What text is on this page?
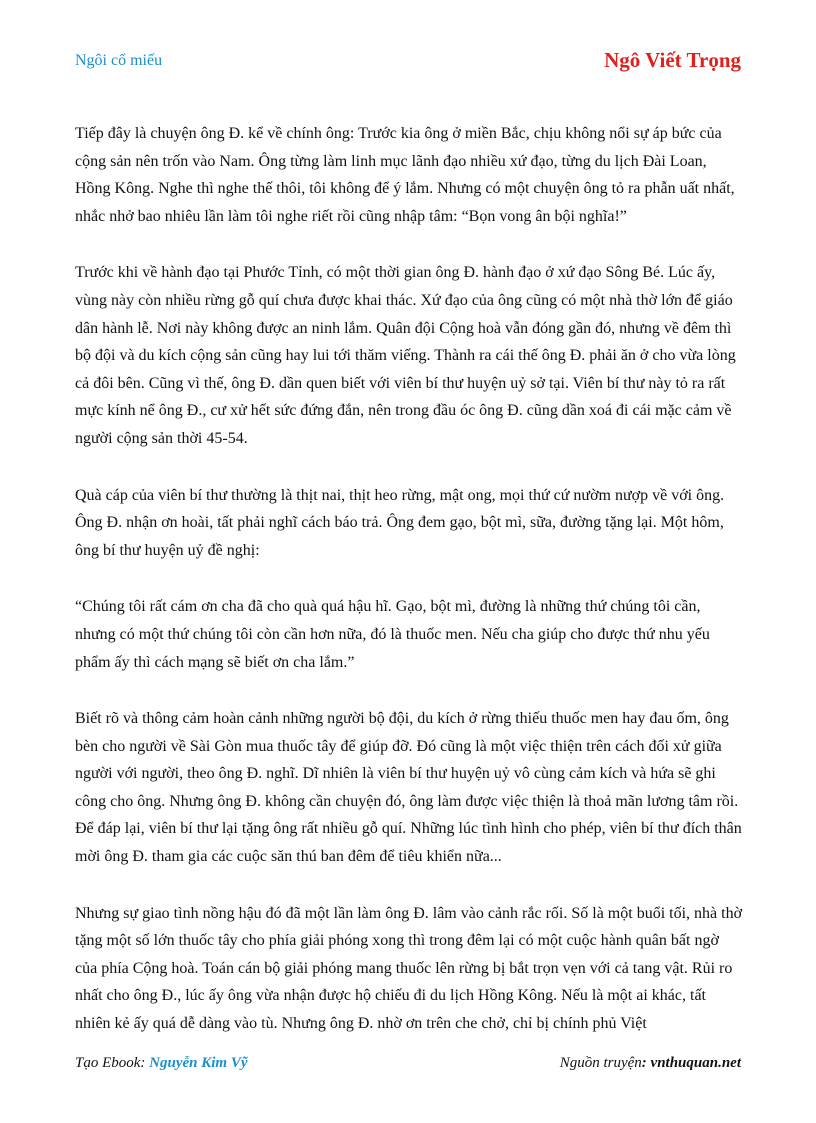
Ngôi cổ miếu	Ngô Viết Trọng

Tiếp đây là chuyện ông Đ. kể về chính ông: Trước kia ông ở miền Bắc, chịu không nổi sự áp bức của cộng sản nên trốn vào Nam. Ông từng làm linh mục lãnh đạo nhiều xứ đạo, từng du lịch Đài Loan, Hồng Kông. Nghe thì nghe thế thôi, tôi không để ý lắm. Nhưng có một chuyện ông tỏ ra phẫn uất nhất, nhắc nhở bao nhiêu lần làm tôi nghe riết rồi cũng nhập tâm: “Bọn vong ân bội nghĩa!”

Trước khi về hành đạo tại Phước Tỉnh, có một thời gian ông Đ. hành đạo ở xứ đạo Sông Bé. Lúc ấy, vùng này còn nhiều rừng gỗ quí chưa được khai thác. Xứ đạo của ông cũng có một nhà thờ lớn để giáo dân hành lễ. Nơi này không được an ninh lắm. Quân đội Cộng hoà vẫn đóng gần đó, nhưng về đêm thì bộ đội và du kích cộng sản cũng hay lui tới thăm viếng. Thành ra cái thế ông Đ. phải ăn ở cho vừa lòng cả đôi bên. Cũng vì thế, ông Đ. dần quen biết với viên bí thư huyện uỷ sở tại. Viên bí thư này tỏ ra rất mực kính nể ông Đ., cư xử hết sức đứng đắn, nên trong đầu óc ông Đ. cũng dần xoá đi cái mặc cảm về người cộng sản thời 45-54.

Quà cáp của viên bí thư thường là thịt nai, thịt heo rừng, mật ong, mọi thứ cứ nườm nượp về với ông. Ông Đ. nhận ơn hoài, tất phải nghĩ cách báo trả. Ông đem gạo, bột mì, sữa, đường tặng lại. Một hôm, ông bí thư huyện uỷ đề nghị:

“Chúng tôi rất cám ơn cha đã cho quà quá hậu hĩ. Gạo, bột mì, đường là những thứ chúng tôi cần, nhưng có một thứ chúng tôi còn cần hơn nữa, đó là thuốc men. Nếu cha giúp cho được thứ nhu yếu phẩm ấy thì cách mạng sẽ biết ơn cha lắm.”

Biết rõ và thông cảm hoàn cảnh những người bộ đội, du kích ở rừng thiếu thuốc men hay đau ốm, ông bèn cho người về Sài Gòn mua thuốc tây để giúp đỡ. Đó cũng là một việc thiện trên cách đối xử giữa người với người, theo ông Đ. nghĩ. Dĩ nhiên là viên bí thư huyện uỷ vô cùng cảm kích và hứa sẽ ghi công cho ông. Nhưng ông Đ. không cần chuyện đó, ông làm được việc thiện là thoả mãn lương tâm rồi. Để đáp lại, viên bí thư lại tặng ông rất nhiều gỗ quí. Những lúc tình hình cho phép, viên bí thư đích thân mời ông Đ. tham gia các cuộc săn thú ban đêm để tiêu khiển nữa...

Nhưng sự giao tình nồng hậu đó đã một lần làm ông Đ. lâm vào cảnh rắc rối. Số là một buổi tối, nhà thờ tặng một số lớn thuốc tây cho phía giải phóng xong thì trong đêm lại có một cuộc hành quân bất ngờ của phía Cộng hoà. Toán cán bộ giải phóng mang thuốc lên rừng bị bắt trọn vẹn với cả tang vật. Rủi ro nhất cho ông Đ., lúc ấy ông vừa nhận được hộ chiếu đi du lịch Hồng Kông. Nếu là một ai khác, tất nhiên kẻ ấy quá dễ dàng vào tù. Nhưng ông Đ. nhờ ơn trên che chở, chỉ bị chính phủ Việt

Tạo Ebook: Nguyễn Kim Vỹ	Nguồn truyện: vnthuquan.net
